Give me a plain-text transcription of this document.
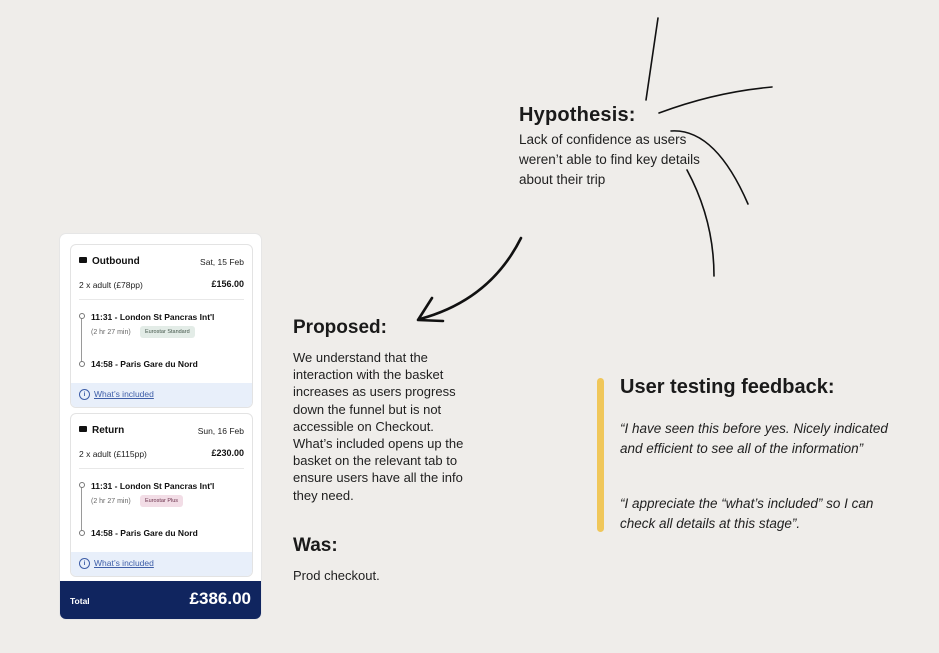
Hypothesis:
Lack of confidence as users weren’t able to find key details about their trip
Proposed:
We understand that the interaction with the basket increases as users progress down the funnel but is not accessible on Checkout. What’s included opens up the basket on the relevant tab to ensure users have all the info they need.
Was:
Prod checkout.
User testing feedback:
“I have seen this before yes. Nicely indicated and efficient to see all of the information”
“I appreciate the “what’s included” so I can check all details at this stage”.
Outbound	Sat, 15 Feb
2 x adult (£78pp)	£156.00
11:31 - London St Pancras Int'l
(2 hr 27 min)	Eurostar Standard
14:58 - Paris Gare du Nord
i	What’s included
Return	Sun, 16 Feb
2 x adult (£115pp)	£230.00
11:31 - London St Pancras Int'l
(2 hr 27 min)	Eurostar Plus
14:58 - Paris Gare du Nord
i	What’s included
Total	£386.00
